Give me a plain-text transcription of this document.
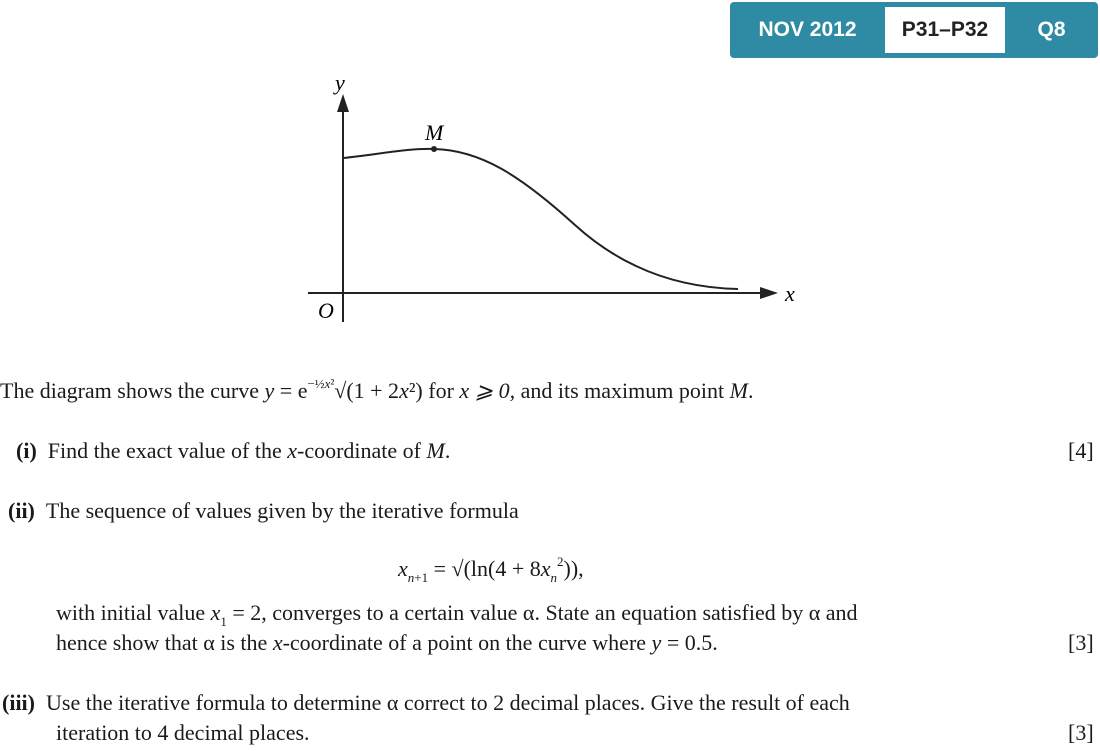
NOV 2012	P31–P32	Q8
y
x
O
M
The diagram shows the curve $y = e^{-\frac{1}{2}x^2}√(1 + 2x^2)$ for x ⩾ 0, and its maximum point M.
(i) Find the exact value of the x-coordinate of M.	[4]
(ii) The sequence of values given by the iterative formula
$x_{n+1} = √(\ln(4 + 8x_n^2))$,
with initial value $x_1 = 2$, converges to a certain value α. State an equation satisfied by α and
hence show that α is the x-coordinate of a point on the curve where y = 0.5.	[3]
(iii) Use the iterative formula to determine α correct to 2 decimal places. Give the result of each
iteration to 4 decimal places.	[3]
